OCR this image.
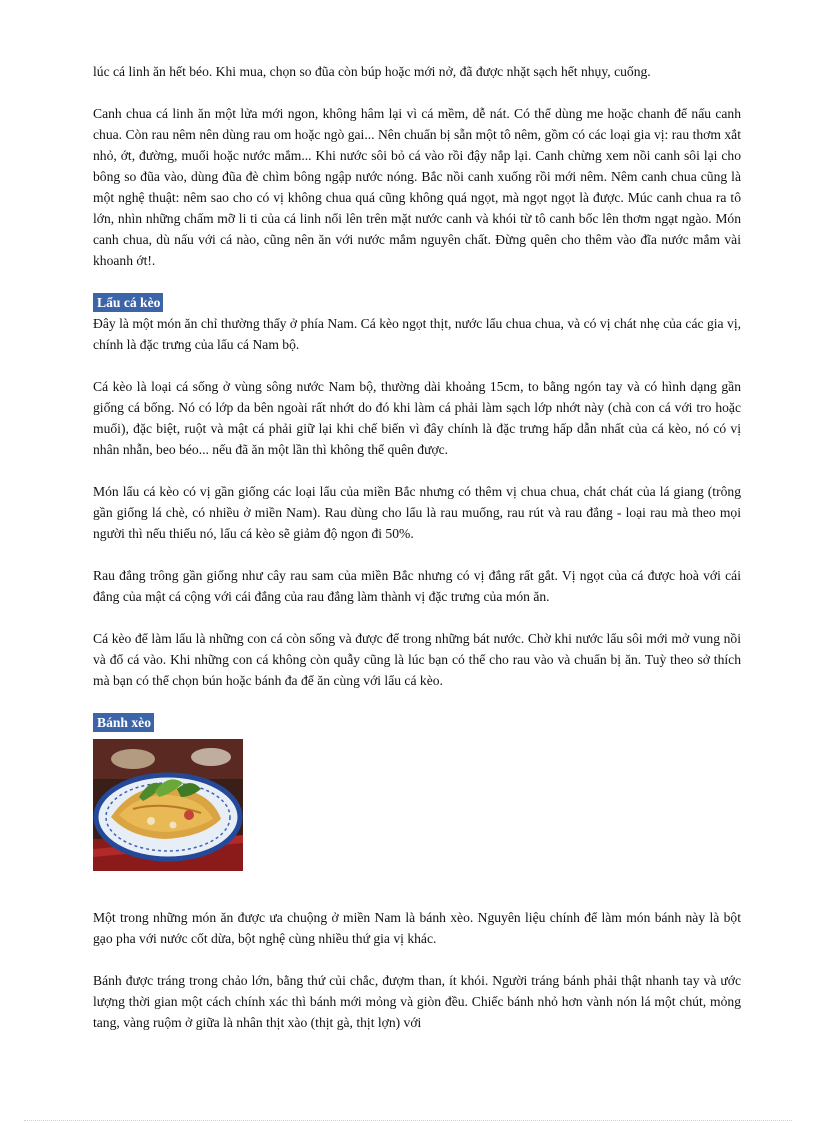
lúc cá linh ăn hết béo. Khi mua, chọn so đũa còn búp hoặc mới nở, đã được nhặt sạch hết nhụy, cuống.

Canh chua cá linh ăn một lửa mới ngon, không hâm lại vì cá mềm, dễ nát. Có thể dùng me hoặc chanh để nấu canh chua. Còn rau nêm nên dùng rau om hoặc ngò gai... Nên chuẩn bị sẵn một tô nêm, gồm có các loại gia vị: rau thơm xắt nhỏ, ớt, đường, muối hoặc nước mắm... Khi nước sôi bỏ cá vào rồi đậy nắp lại. Canh chừng xem nồi canh sôi lại cho bông so đũa vào, dùng đũa đè chìm bông ngập nước nóng. Bắc nồi canh xuống rồi mới nêm. Nêm canh chua cũng là một nghệ thuật: nêm sao cho có vị không chua quá cũng không quá ngọt, mà ngọt ngọt là được. Múc canh chua ra tô lớn, nhìn những chấm mỡ li ti của cá linh nổi lên trên mặt nước canh và khói từ tô canh bốc lên thơm ngạt ngào. Món canh chua, dù nấu với cá nào, cũng nên ăn với nước mắm nguyên chất. Đừng quên cho thêm vào đĩa nước mắm vài khoanh ớt!.

Lẩu cá kèo

Đây là một món ăn chỉ thường thấy ở phía Nam. Cá kèo ngọt thịt, nước lẩu chua chua, và có vị chát nhẹ của các gia vị, chính là đặc trưng của lẩu cá Nam bộ.

Cá kèo là loại cá sống ở vùng sông nước Nam bộ, thường dài khoảng 15cm, to bằng ngón tay và có hình dạng gần giống cá bống. Nó có lớp da bên ngoài rất nhớt do đó khi làm cá phải làm sạch lớp nhớt này (chà con cá với tro hoặc muối), đặc biệt, ruột và mật cá phải giữ lại khi chế biến vì đây chính là đặc trưng hấp dẫn nhất của cá kèo, nó có vị nhân nhẫn, beo béo... nếu đã ăn một lần thì không thể quên được.

Món lẩu cá kèo có vị gần giống các loại lẩu của miền Bắc nhưng có thêm vị chua chua, chát chát của lá giang (trông gần giống lá chè, có nhiều ở miền Nam). Rau dùng cho lẩu là rau muống, rau rút và rau đắng - loại rau mà theo mọi người thì nếu thiếu nó, lẩu cá kèo sẽ giảm độ ngon đi 50%.

Rau đắng trông gần giống như cây rau sam của miền Bắc nhưng có vị đắng rất gắt. Vị ngọt của cá được hoà với cái đắng của mật cá cộng với cái đắng của rau đắng làm thành vị đặc trưng của món ăn.

Cá kèo để làm lẩu là những con cá còn sống và được để trong những bát nước. Chờ khi nước lẩu sôi mới mở vung nồi và đổ cá vào. Khi những con cá không còn quẫy cũng là lúc bạn có thể cho rau vào và chuẩn bị ăn. Tuỳ theo sở thích mà bạn có thể chọn bún hoặc bánh đa để ăn cùng với lẩu cá kèo.

Bánh xèo

Một trong những món ăn được ưa chuộng ở miền Nam là bánh xèo. Nguyên liệu chính để làm món bánh này là bột gạo pha với nước cốt dừa, bột nghệ cùng nhiều thứ gia vị khác.

Bánh được tráng trong chảo lớn, bằng thứ củi chắc, đượm than, ít khói. Người tráng bánh phải thật nhanh tay và ước lượng thời gian một cách chính xác thì bánh mới mỏng và giòn đều. Chiếc bánh nhỏ hơn vành nón lá một chút, mỏng tang, vàng ruộm ở giữa là nhân thịt xào (thịt gà, thịt lợn) với
